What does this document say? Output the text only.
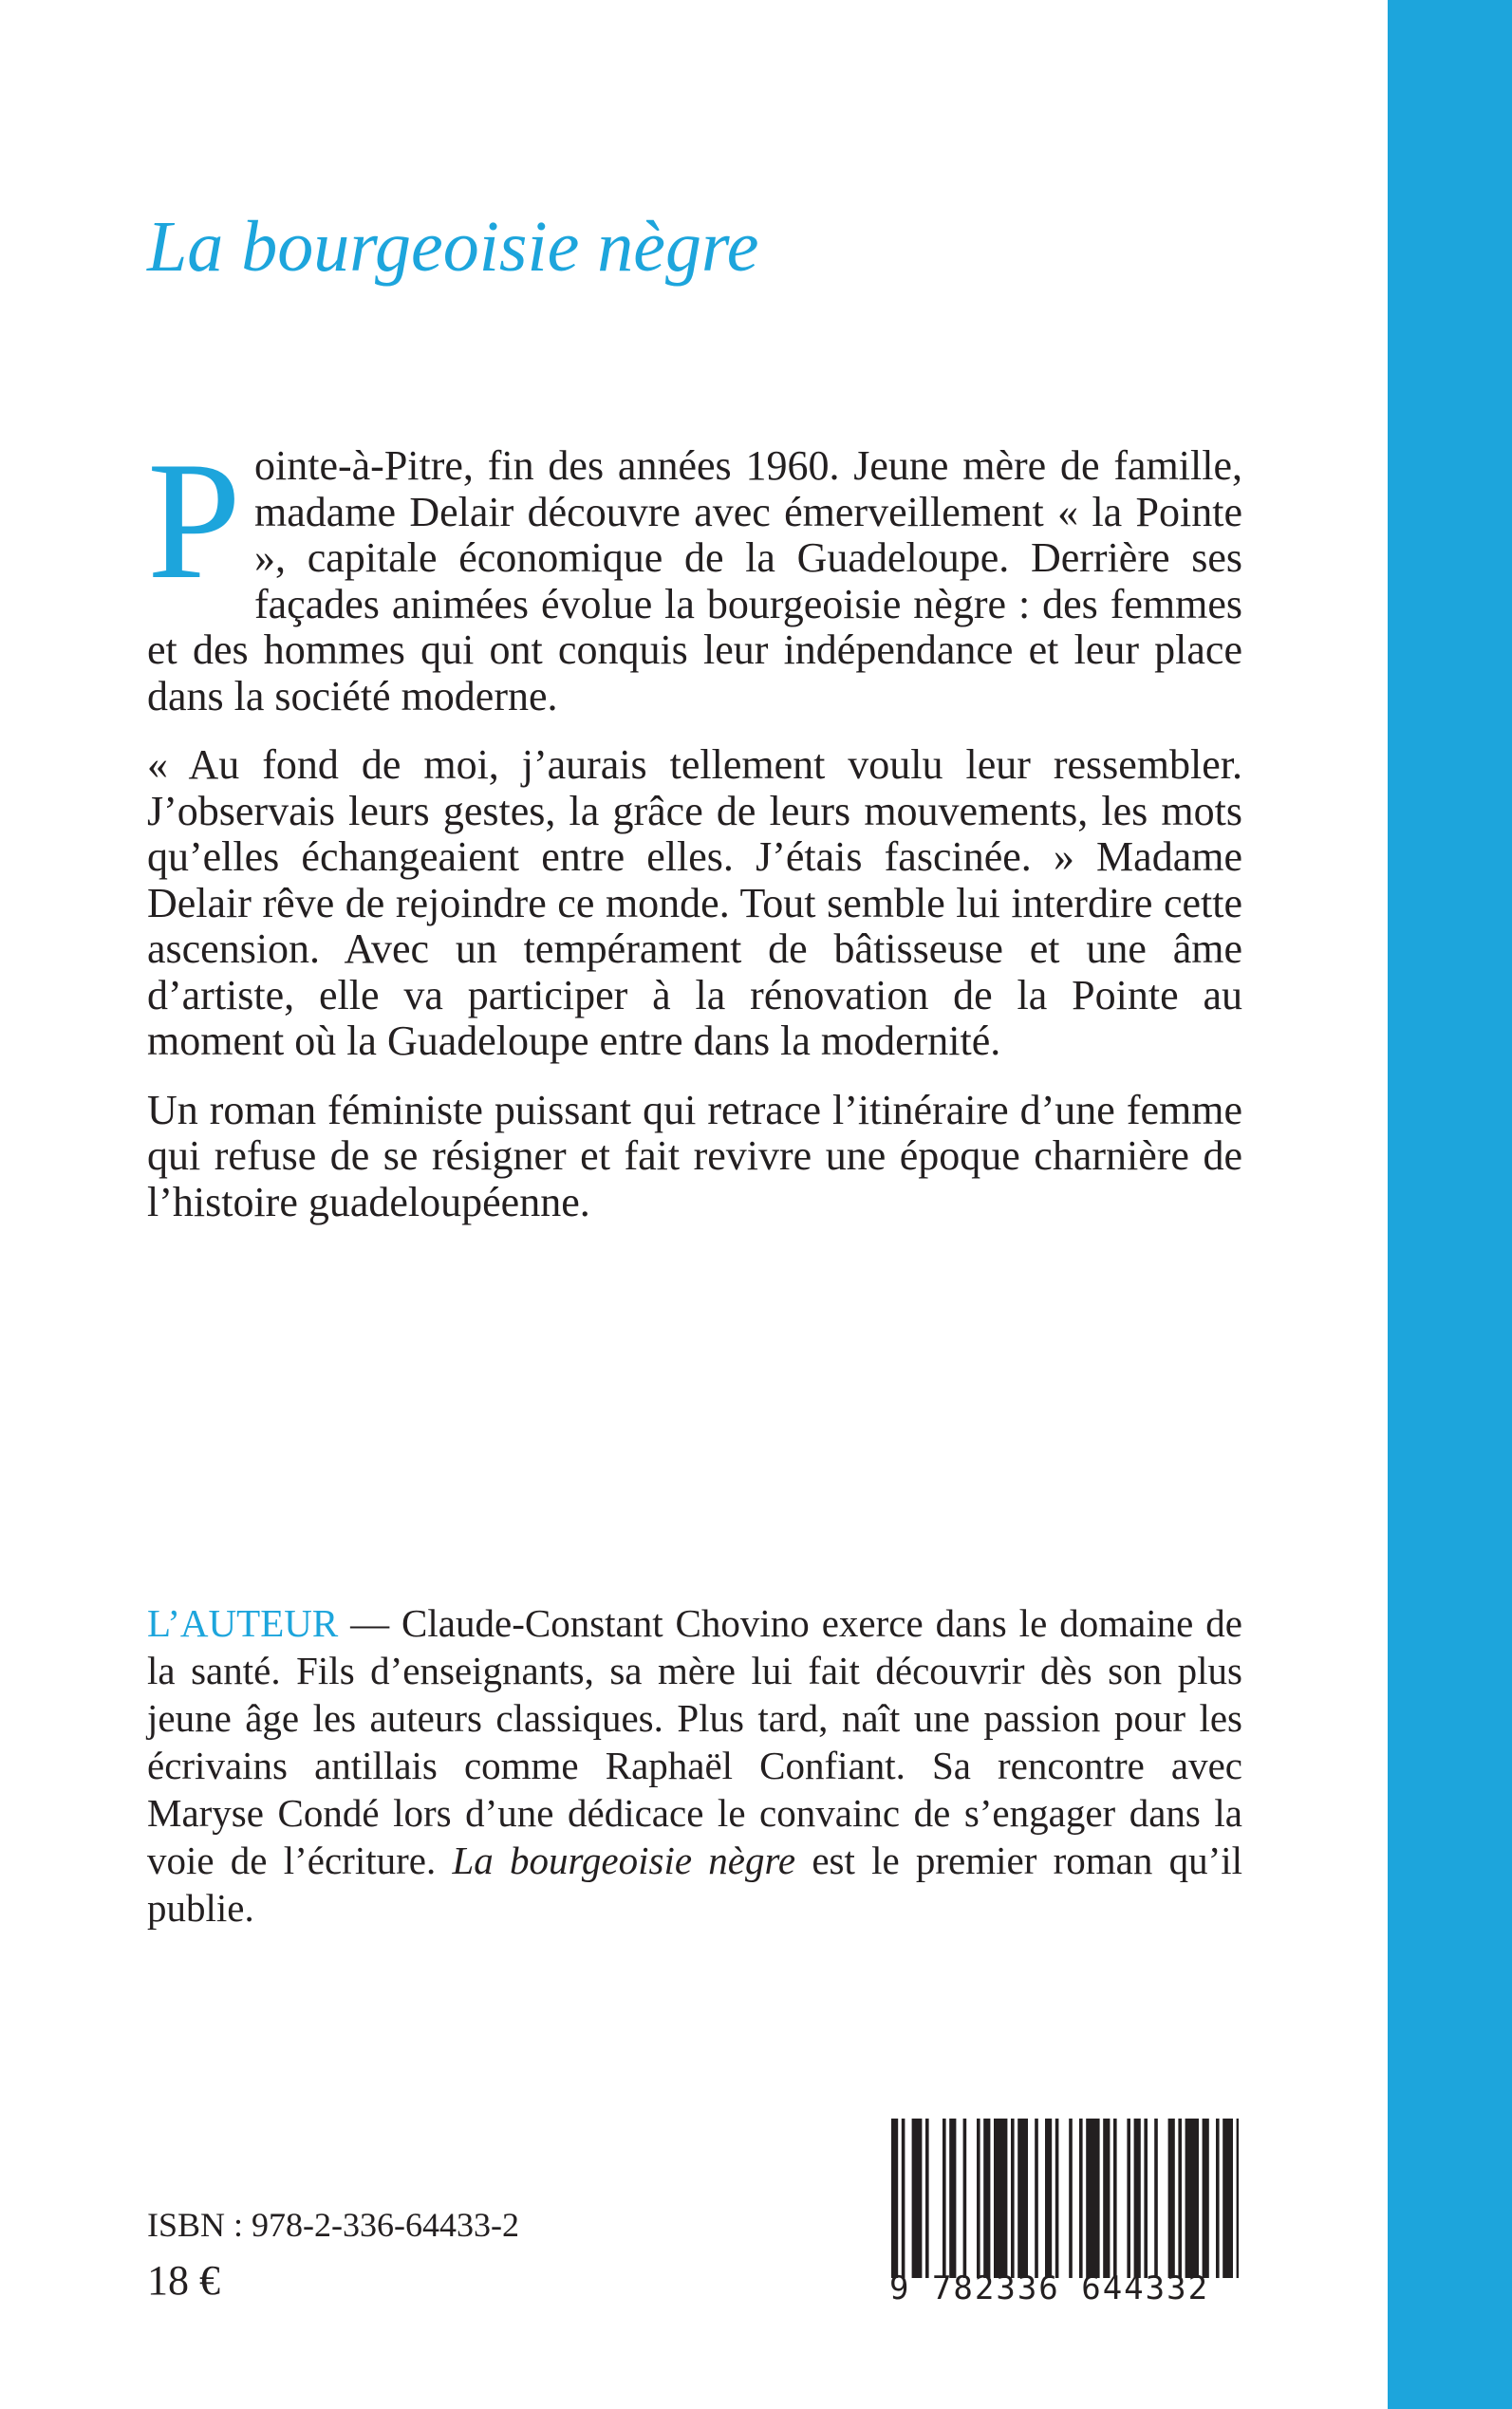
La bourgeoisie nègre

Pointe-à-Pitre, fin des années 1960. Jeune mère de famille, madame Delair découvre avec émerveillement « la Pointe », capitale économique de la Guadeloupe. Derrière ses façades animées évolue la bourgeoisie nègre : des femmes et des hommes qui ont conquis leur indépendance et leur place dans la société moderne.

« Au fond de moi, j’aurais tellement voulu leur ressembler. J’observais leurs gestes, la grâce de leurs mouvements, les mots qu’elles échangeaient entre elles. J’étais fascinée. » Madame Delair rêve de rejoindre ce monde. Tout semble lui interdire cette ascension. Avec un tempérament de bâtisseuse et une âme d’artiste, elle va participer à la rénovation de la Pointe au moment où la Guadeloupe entre dans la modernité.

Un roman féministe puissant qui retrace l’itinéraire d’une femme qui refuse de se résigner et fait revivre une époque charnière de l’histoire guadeloupéenne.

L’AUTEUR — Claude-Constant Chovino exerce dans le domaine de la santé. Fils d’enseignants, sa mère lui fait découvrir dès son plus jeune âge les auteurs classiques. Plus tard, naît une passion pour les écrivains antillais comme Raphaël Confiant. Sa rencontre avec Maryse Condé lors d’une dédicace le convainc de s’engager dans la voie de l’écriture. La bourgeoisie nègre est le premier roman qu’il publie.

ISBN : 978-2-336-64433-2
18 €	9 782336 644332
